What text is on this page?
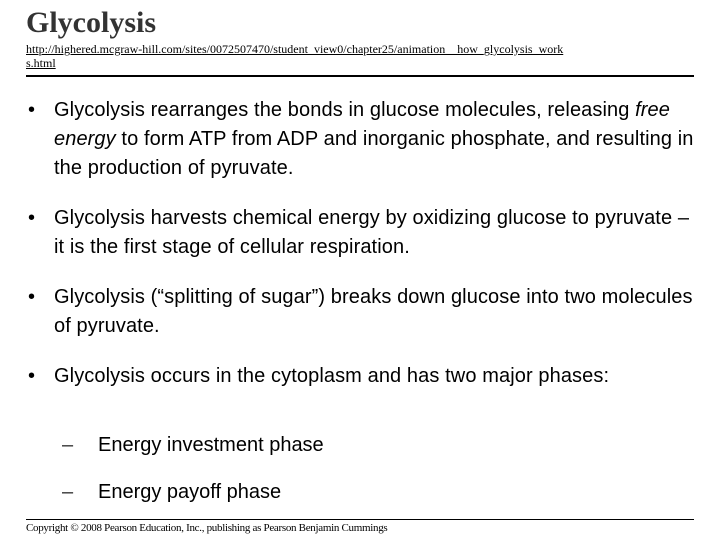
Glycolysis
http://highered.mcgraw-hill.com/sites/0072507470/student_view0/chapter25/animation__how_glycolysis_works.html
• Glycolysis rearranges the bonds in glucose molecules, releasing free energy to form ATP from ADP and inorganic phosphate, and resulting in the production of pyruvate.
• Glycolysis harvests chemical energy by oxidizing glucose to pyruvate – it is the first stage of cellular respiration.
• Glycolysis (“splitting of sugar”) breaks down glucose into two molecules of pyruvate.
• Glycolysis occurs in the cytoplasm and has two major phases:
– Energy investment phase
– Energy payoff phase
Copyright © 2008 Pearson Education, Inc., publishing as Pearson Benjamin Cummings
